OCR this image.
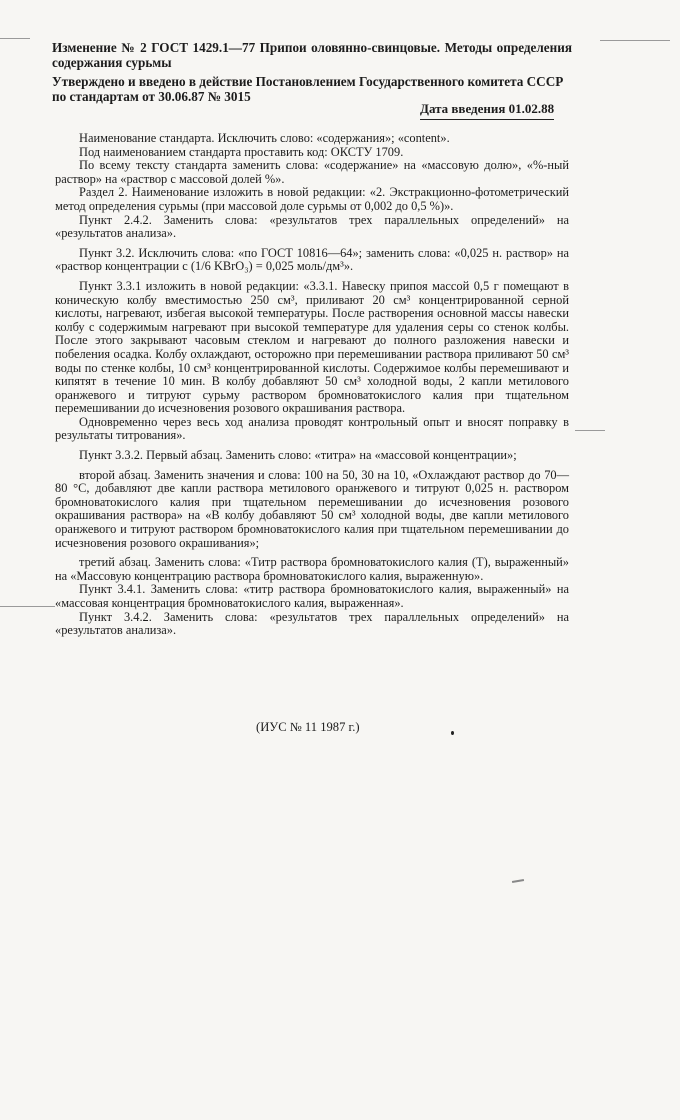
Изменение № 2 ГОСТ 1429.1—77 Припои оловянно-свинцовые. Методы определения содержания сурьмы
Утверждено и введено в действие Постановлением Государственного комитета СССР по стандартам от 30.06.87 № 3015
Дата введения 01.02.88

Наименование стандарта. Исключить слово: «содержания»; «content».

Под наименованием стандарта проставить код: ОКСТУ 1709.

По всему тексту стандарта заменить слова: «содержание» на «массовую долю», «%-ный раствор» на «раствор с массовой долей %».

Раздел 2. Наименование изложить в новой редакции: «2. Экстракционно-фотометрический метод определения сурьмы (при массовой доле сурьмы от 0,002 до 0,5 %)».

Пункт 2.4.2. Заменить слова: «результатов трех параллельных определений» на «результатов анализа».

Пункт 3.2. Исключить слова: «по ГОСТ 10816—64»; заменить слова: «0,025 н. раствор» на «раствор концентрации с (1/6 KBrO₃) = 0,025 моль/дм³».

Пункт 3.3.1 изложить в новой редакции: «3.3.1. Навеску припоя массой 0,5 г помещают в коническую колбу вместимостью 250 см³, приливают 20 см³ концентрированной серной кислоты, нагревают, избегая высокой температуры. После растворения основной массы навески колбу с содержимым нагревают при высокой температуре для удаления серы со стенок колбы. После этого закрывают часовым стеклом и нагревают до полного разложения навески и побеления осадка. Колбу охлаждают, осторожно при перемешивании раствора приливают 50 см³ воды по стенке колбы, 10 см³ концентрированной кислоты. Содержимое колбы перемешивают и кипятят в течение 10 мин. В колбу добавляют 50 см³ холодной воды, 2 капли метилового оранжевого и титруют сурьму раствором бромноватокислого калия при тщательном перемешивании до исчезновения розового окрашивания раствора.

Одновременно через весь ход анализа проводят контрольный опыт и вносят поправку в результаты титрования».

Пункт 3.3.2. Первый абзац. Заменить слово: «титра» на «массовой концентрации»;

второй абзац. Заменить значения и слова: 100 на 50, 30 на 10, «Охлаждают раствор до 70—80 °С, добавляют две капли раствора метилового оранжевого и титруют 0,025 н. раствором бромноватокислого калия при тщательном перемешивании до исчезновения розового окрашивания раствора» на «В колбу добавляют 50 см³ холодной воды, две капли метилового оранжевого и титруют раствором бромноватокислого калия при тщательном перемешивании до исчезновения розового окрашивания»;

третий абзац. Заменить слова: «Титр раствора бромноватокислого калия (Т), выраженный» на «Массовую концентрацию раствора бромноватокислого калия, выраженную».

Пункт 3.4.1. Заменить слова: «титр раствора бромноватокислого калия, выраженный» на «массовая концентрация бромноватокислого калия, выраженная».

Пункт 3.4.2. Заменить слова: «результатов трех параллельных определений» на «результатов анализа».

(ИУС № 11 1987 г.)
